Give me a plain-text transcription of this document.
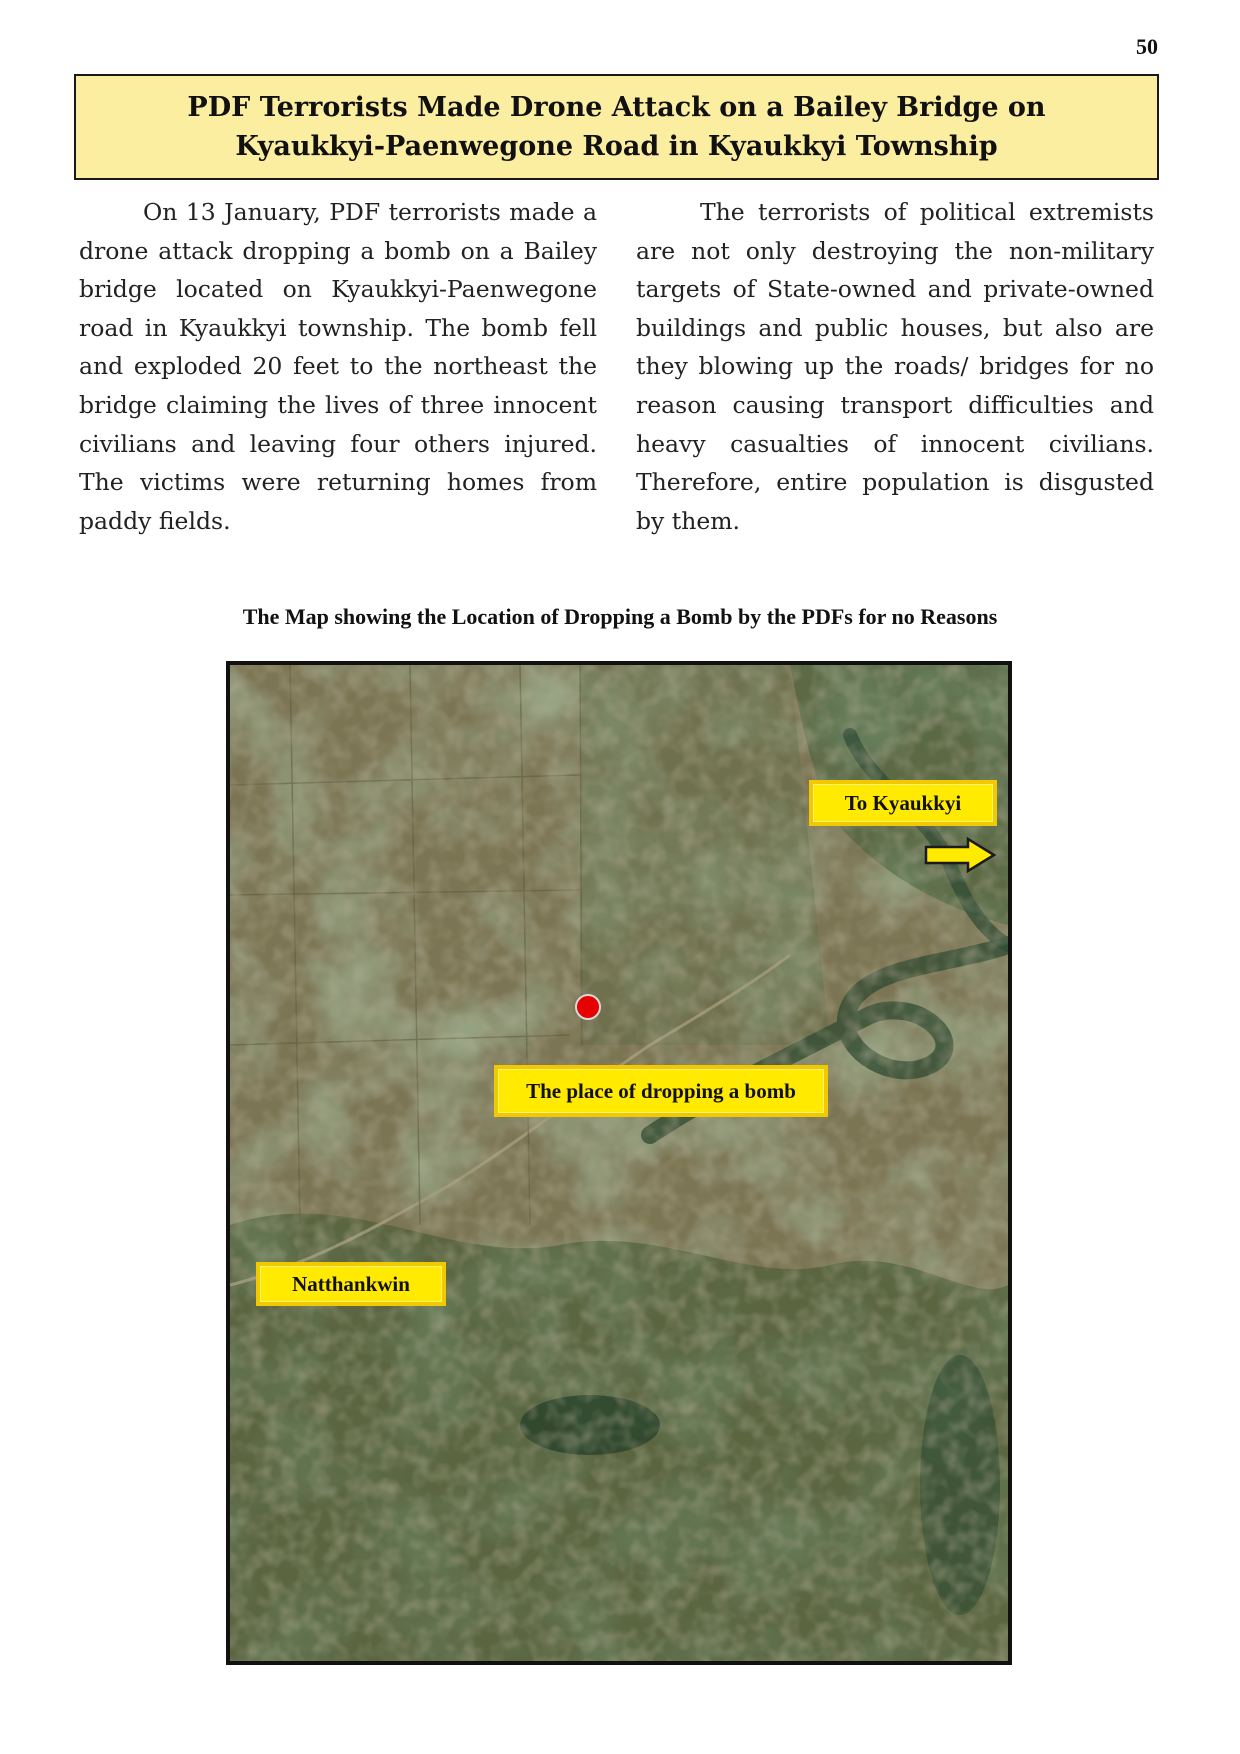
50
PDF Terrorists Made Drone Attack on a Bailey Bridge on Kyaukkyi-Paenwegone Road in Kyaukkyi Township

On 13 January, PDF terrorists made a drone attack dropping a bomb on a Bailey bridge located on Kyaukkyi-Paenwegone road in Kyaukkyi township. The bomb fell and exploded 20 feet to the northeast the bridge claiming the lives of three innocent civilians and leaving four others injured. The victims were returning homes from paddy fields.

The terrorists of political extremists are not only destroying the non-military targets of State-owned and private-owned buildings and public houses, but also are they blowing up the roads/ bridges for no reason causing transport difficulties and heavy casualties of innocent civilians. Therefore, entire population is disgusted by them.

The Map showing the Location of Dropping a Bomb by the PDFs for no Reasons
To Kyaukkyi
The place of dropping a bomb
Natthankwin
